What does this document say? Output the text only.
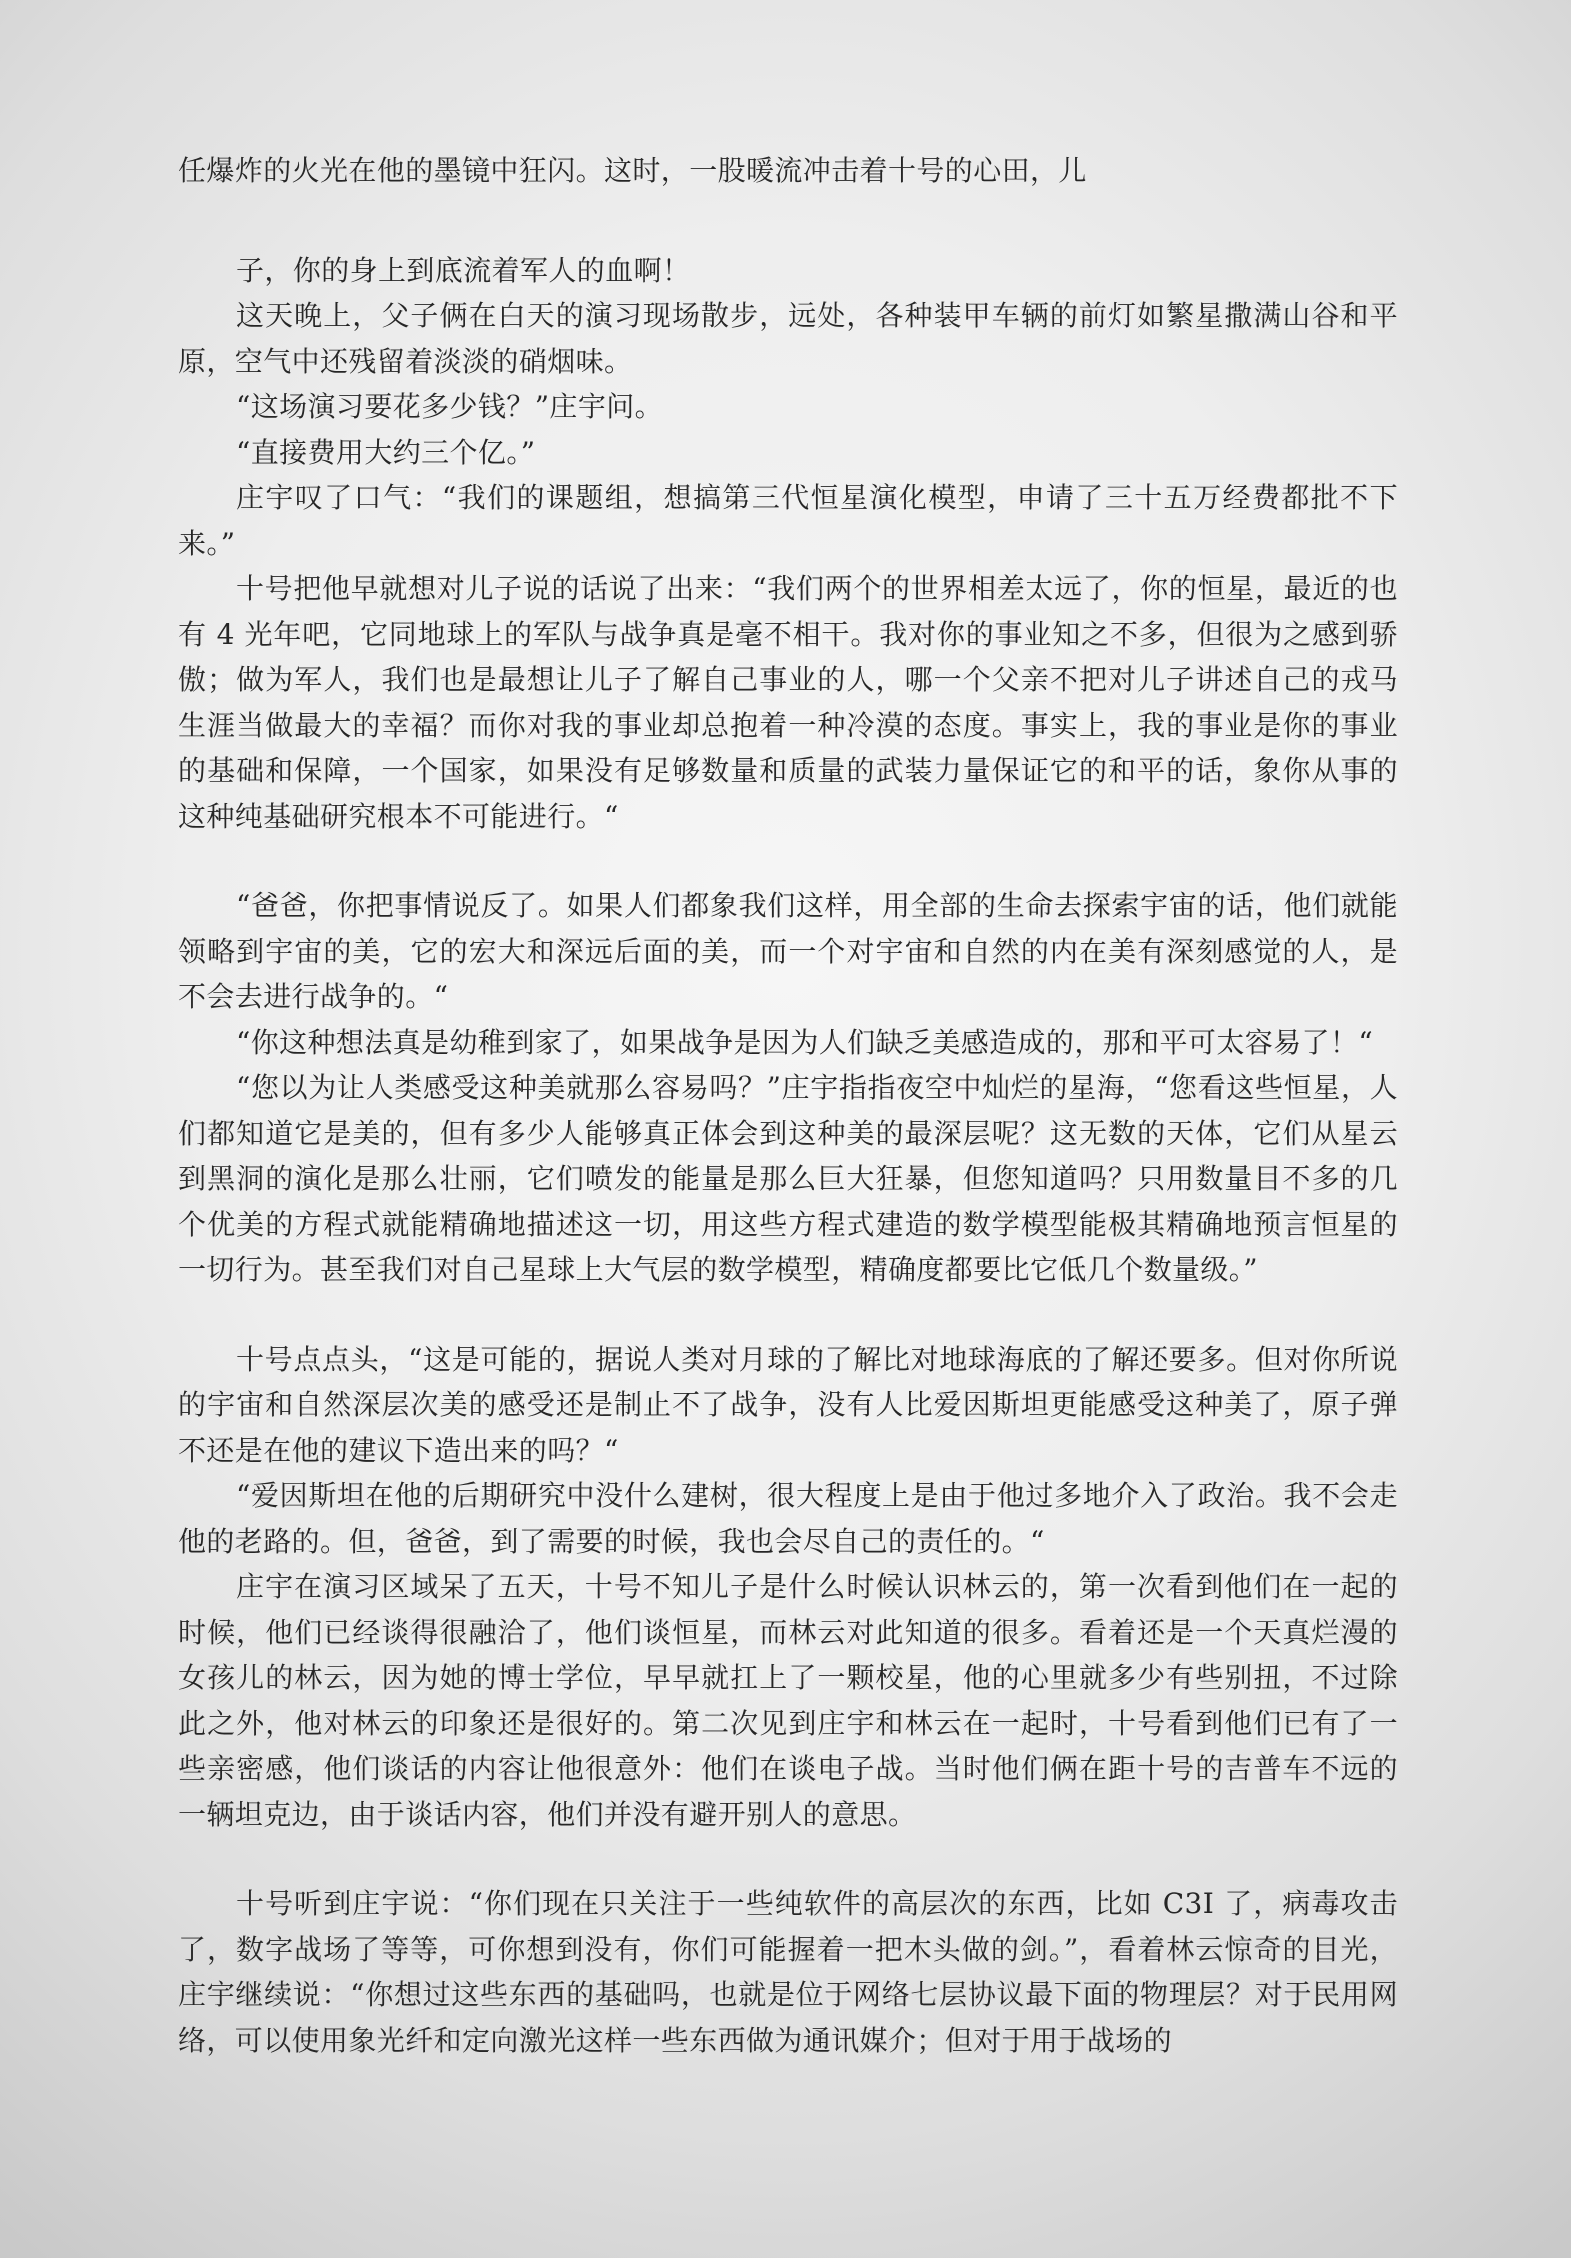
任爆炸的火光在他的墨镜中狂闪。这时，一股暖流冲击着十号的心田，儿

子，你的身上到底流着军人的血啊！

这天晚上，父子俩在白天的演习现场散步，远处，各种装甲车辆的前灯如繁星撒满山谷和平原，空气中还残留着淡淡的硝烟味。

“这场演习要花多少钱？”庄宇问。

“直接费用大约三个亿。”

庄宇叹了口气：“我们的课题组，想搞第三代恒星演化模型，申请了三十五万经费都批不下来。”

十号把他早就想对儿子说的话说了出来：“我们两个的世界相差太远了，你的恒星，最近的也有 4 光年吧，它同地球上的军队与战争真是毫不相干。我对你的事业知之不多，但很为之感到骄傲；做为军人，我们也是最想让儿子了解自己事业的人，哪一个父亲不把对儿子讲述自己的戎马生涯当做最大的幸福？而你对我的事业却总抱着一种冷漠的态度。事实上，我的事业是你的事业的基础和保障，一个国家，如果没有足够数量和质量的武装力量保证它的和平的话，象你从事的这种纯基础研究根本不可能进行。“

“爸爸，你把事情说反了。如果人们都象我们这样，用全部的生命去探索宇宙的话，他们就能领略到宇宙的美，它的宏大和深远后面的美，而一个对宇宙和自然的内在美有深刻感觉的人，是不会去进行战争的。“

“你这种想法真是幼稚到家了，如果战争是因为人们缺乏美感造成的，那和平可太容易了！“

“您以为让人类感受这种美就那么容易吗？”庄宇指指夜空中灿烂的星海，“您看这些恒星，人们都知道它是美的，但有多少人能够真正体会到这种美的最深层呢？这无数的天体，它们从星云到黑洞的演化是那么壮丽，它们喷发的能量是那么巨大狂暴，但您知道吗？只用数量目不多的几个优美的方程式就能精确地描述这一切，用这些方程式建造的数学模型能极其精确地预言恒星的一切行为。甚至我们对自己星球上大气层的数学模型，精确度都要比它低几个数量级。”

十号点点头，“这是可能的，据说人类对月球的了解比对地球海底的了解还要多。但对你所说的宇宙和自然深层次美的感受还是制止不了战争，没有人比爱因斯坦更能感受这种美了，原子弹不还是在他的建议下造出来的吗？“

“爱因斯坦在他的后期研究中没什么建树，很大程度上是由于他过多地介入了政治。我不会走他的老路的。但，爸爸，到了需要的时候，我也会尽自己的责任的。“

庄宇在演习区域呆了五天，十号不知儿子是什么时候认识林云的，第一次看到他们在一起的时候，他们已经谈得很融洽了，他们谈恒星，而林云对此知道的很多。看着还是一个天真烂漫的女孩儿的林云，因为她的博士学位，早早就扛上了一颗校星，他的心里就多少有些别扭，不过除此之外，他对林云的印象还是很好的。第二次见到庄宇和林云在一起时，十号看到他们已有了一些亲密感，他们谈话的内容让他很意外：他们在谈电子战。当时他们俩在距十号的吉普车不远的一辆坦克边，由于谈话内容，他们并没有避开别人的意思。

十号听到庄宇说：“你们现在只关注于一些纯软件的高层次的东西，比如 C3I 了，病毒攻击了，数字战场了等等，可你想到没有，你们可能握着一把木头做的剑。”，看着林云惊奇的目光，庄宇继续说：“你想过这些东西的基础吗，也就是位于网络七层协议最下面的物理层？对于民用网络，可以使用象光纤和定向激光这样一些东西做为通讯媒介；但对于用于战场的
